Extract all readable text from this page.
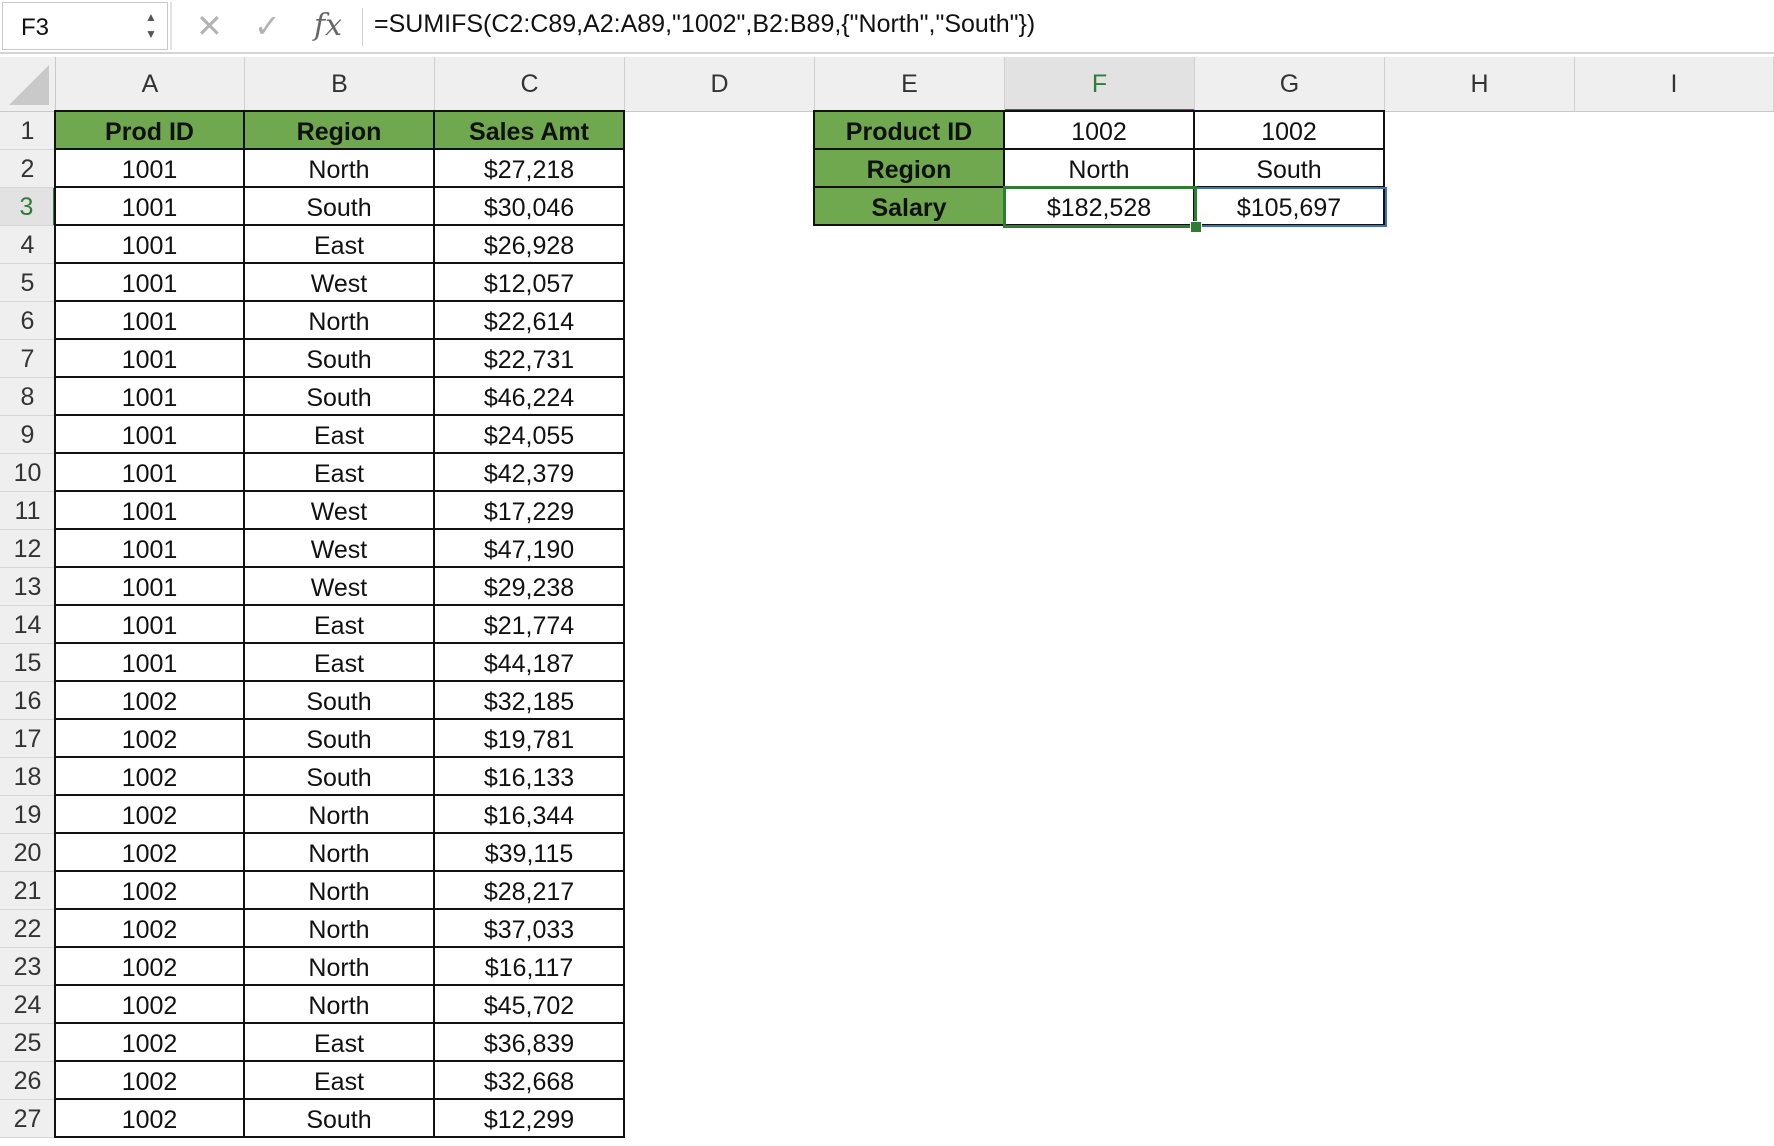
F3	▲
▼ ✕ ✓ fx =SUMIFS(C2:C89,A2:A89,"1002",B2:B89,{"North","South"})
A	B	C	D	E	F	G	H	I
1
2
3
4
5
6
7
8
9
10
11
12
13
14
15
16
17
18
19
20
21
22
23
24
25
26
27
Prod ID	Region	Sales Amt
1001	North	$27,218
1001	South	$30,046
1001	East	$26,928
1001	West	$12,057
1001	North	$22,614
1001	South	$22,731
1001	South	$46,224
1001	East	$24,055
1001	East	$42,379
1001	West	$17,229
1001	West	$47,190
1001	West	$29,238
1001	East	$21,774
1001	East	$44,187
1002	South	$32,185
1002	South	$19,781
1002	South	$16,133
1002	North	$16,344
1002	North	$39,115
1002	North	$28,217
1002	North	$37,033
1002	North	$16,117
1002	North	$45,702
1002	East	$36,839
1002	East	$32,668
1002	South	$12,299
Product ID	1002	1002
Region	North	South
Salary	$182,528	$105,697
